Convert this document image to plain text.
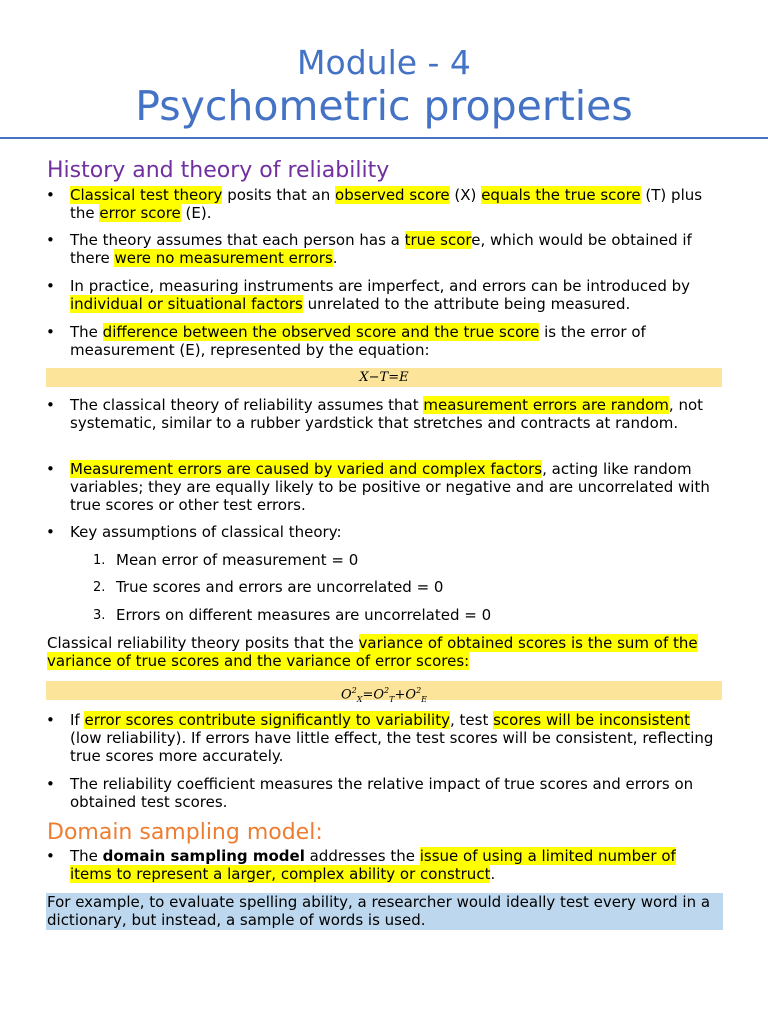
Module - 4
Psychometric properties
History and theory of reliability
• Classical test theory posits that an observed score (X) equals the true score (T) plus the error score (E).
• The theory assumes that each person has a true score, which would be obtained if there were no measurement errors.
• In practice, measuring instruments are imperfect, and errors can be introduced by individual or situational factors unrelated to the attribute being measured.
• The difference between the observed score and the true score is the error of measurement (E), represented by the equation:
X−T=E
• The classical theory of reliability assumes that measurement errors are random, not systematic, similar to a rubber yardstick that stretches and contracts at random.
• Measurement errors are caused by varied and complex factors, acting like random variables; they are equally likely to be positive or negative and are uncorrelated with true scores or other test errors.
• Key assumptions of classical theory:
1. Mean error of measurement = 0
2. True scores and errors are uncorrelated = 0
3. Errors on different measures are uncorrelated = 0
Classical reliability theory posits that the variance of obtained scores is the sum of the variance of true scores and the variance of error scores:
$O^2_X=O^2_T+O^2_E$
• If error scores contribute significantly to variability, test scores will be inconsistent (low reliability). If errors have little effect, the test scores will be consistent, reflecting true scores more accurately.
• The reliability coefficient measures the relative impact of true scores and errors on obtained test scores.
Domain sampling model:
• The domain sampling model addresses the issue of using a limited number of items to represent a larger, complex ability or construct.
For example, to evaluate spelling ability, a researcher would ideally test every word in a dictionary, but instead, a sample of words is used.
